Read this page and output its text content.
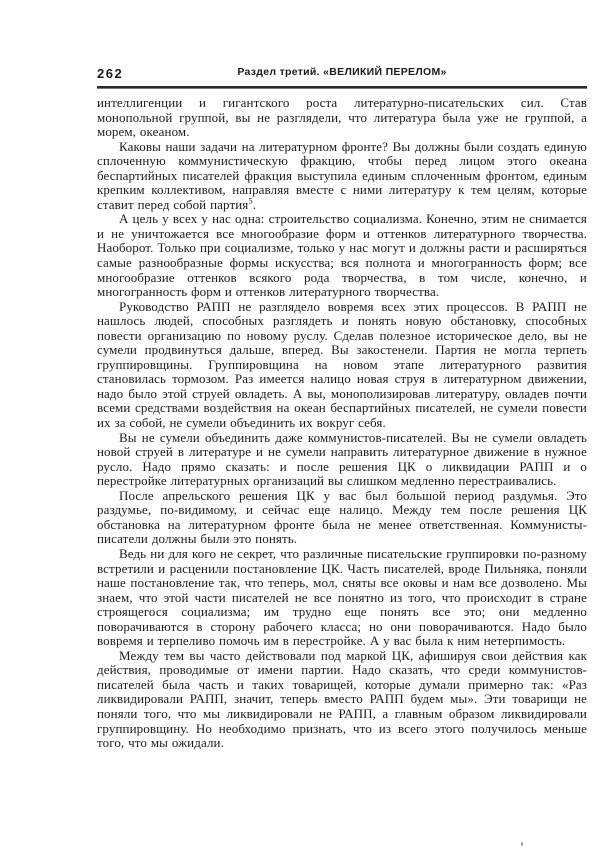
262	Раздел третий. «ВЕЛИКИЙ ПЕРЕЛОМ»

интеллигенции и гигантского роста литературно-писательских сил. Став монопольной группой, вы не разглядели, что литература была уже не группой, а морем, океаном.

Каковы наши задачи на литературном фронте? Вы должны были создать единую сплоченную коммунистическую фракцию, чтобы перед лицом этого океана беспартийных писателей фракция выступила единым сплоченным фронтом, единым крепким коллективом, направляя вместе с ними литературу к тем целям, которые ставит перед собой партия$^5$.

А цель у всех у нас одна: строительство социализма. Конечно, этим не снимается и не уничтожается все многообразие форм и оттенков литературного творчества. Наоборот. Только при социализме, только у нас могут и должны расти и расширяться самые разнообразные формы искусства; вся полнота и многогранность форм; все многообразие оттенков всякого рода творчества, в том числе, конечно, и многогранность форм и оттенков литературного творчества.

Руководство РАПП не разглядело вовремя всех этих процессов. В РАПП не нашлось людей, способных разглядеть и понять новую обстановку, способных повести организацию по новому руслу. Сделав полезное историческое дело, вы не сумели продвинуться дальше, вперед. Вы закостенели. Партия не могла терпеть группировщины. Группировщина на новом этапе литературного развития становилась тормозом. Раз имеется налицо новая струя в литературном движении, надо было этой струей овладеть. А вы, монополизировав литературу, овладев почти всеми средствами воздействия на океан беспартийных писателей, не сумели повести их за собой, не сумели объединить их вокруг себя.

Вы не сумели объединить даже коммунистов-писателей. Вы не сумели овладеть новой струей в литературе и не сумели направить литературное движение в нужное русло. Надо прямо сказать: и после решения ЦК о ликвидации РАПП и о перестройке литературных организаций вы слишком медленно перестраивались.

После апрельского решения ЦК у вас был большой период раздумья. Это раздумье, по-видимому, и сейчас еще налицо. Между тем после решения ЦК обстановка на литературном фронте была не менее ответственная. Коммунисты-писатели должны были это понять.

Ведь ни для кого не секрет, что различные писательские группировки по-разному встретили и расценили постановление ЦК. Часть писателей, вроде Пильняка, поняли наше постановление так, что теперь, мол, сняты все оковы и нам все дозволено. Мы знаем, что этой части писателей не все понятно из того, что происходит в стране строящегося социализма; им трудно еще понять все это; они медленно поворачиваются в сторону рабочего класса; но они поворачиваются. Надо было вовремя и терпеливо помочь им в перестройке. А у вас была к ним нетерпимость.

Между тем вы часто действовали под маркой ЦК, афишируя свои действия как действия, проводимые от имени партии. Надо сказать, что среди коммунистов-писателей была часть и таких товарищей, которые думали примерно так: «Раз ликвидировали РАПП, значит, теперь вместо РАПП будем мы». Эти товарищи не поняли того, что мы ликвидировали не РАПП, а главным образом ликвидировали группировщину. Но необходимо признать, что из всего этого получилось меньше того, что мы ожидали.
